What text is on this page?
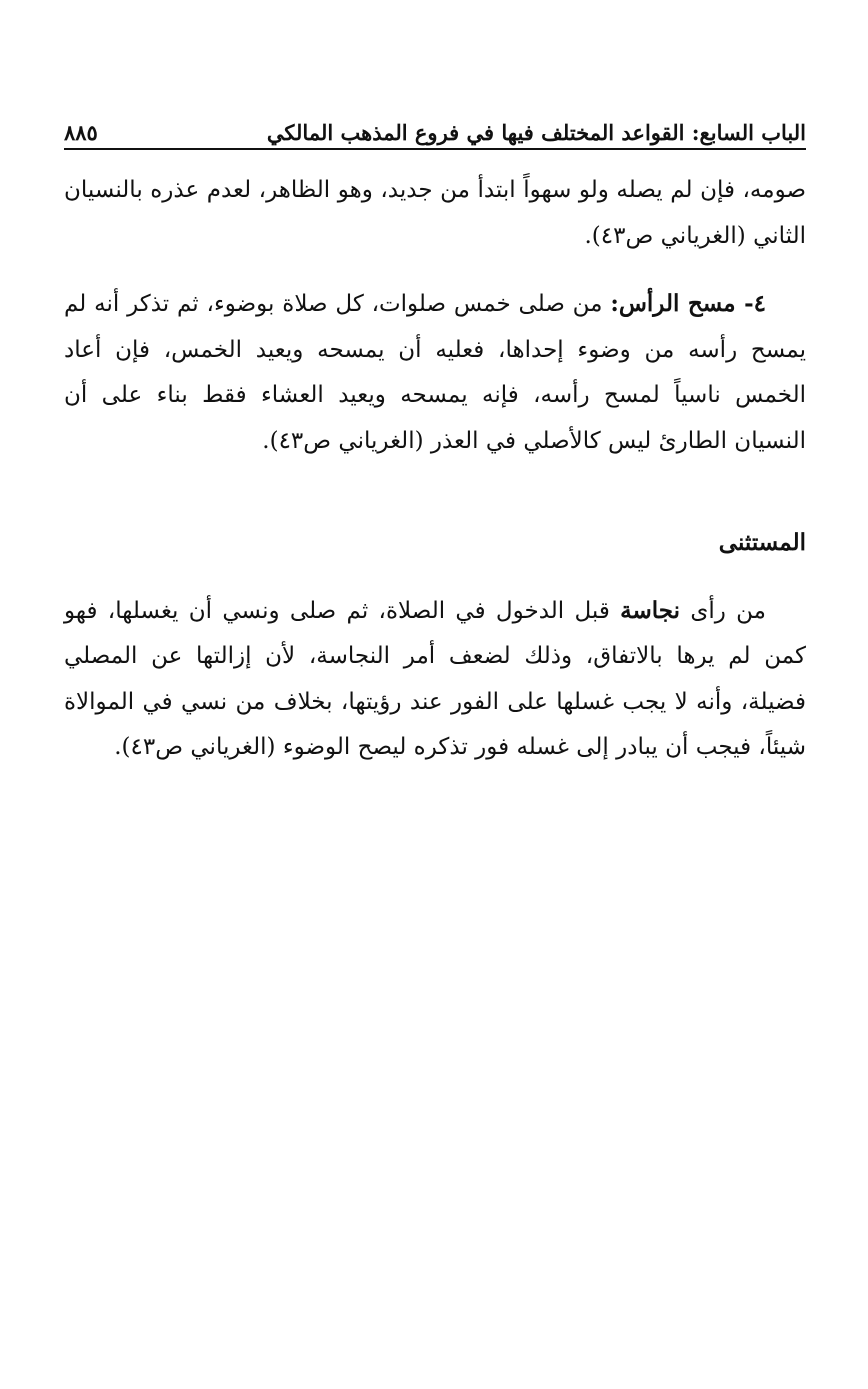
الباب السابع: القواعد المختلف فيها في فروع المذهب المالكي
٨٨٥

صومه، فإن لم يصله ولو سهواً ابتدأ من جديد، وهو الظاهر، لعدم عذره بالنسيان الثاني (الغرياني ص٤٣).

٤- مسح الرأس: من صلى خمس صلوات، كل صلاة بوضوء، ثم تذكر أنه لم يمسح رأسه من وضوء إحداها، فعليه أن يمسحه ويعيد الخمس، فإن أعاد الخمس ناسياً لمسح رأسه، فإنه يمسحه ويعيد العشاء فقط بناء على أن النسيان الطارئ ليس كالأصلي في العذر (الغرياني ص٤٣).

المستثنى

من رأى نجاسة قبل الدخول في الصلاة، ثم صلى ونسي أن يغسلها، فهو كمن لم يرها بالاتفاق، وذلك لضعف أمر النجاسة، لأن إزالتها عن المصلي فضيلة، وأنه لا يجب غسلها على الفور عند رؤيتها، بخلاف من نسي في الموالاة شيئاً، فيجب أن يبادر إلى غسله فور تذكره ليصح الوضوء (الغرياني ص٤٣).
